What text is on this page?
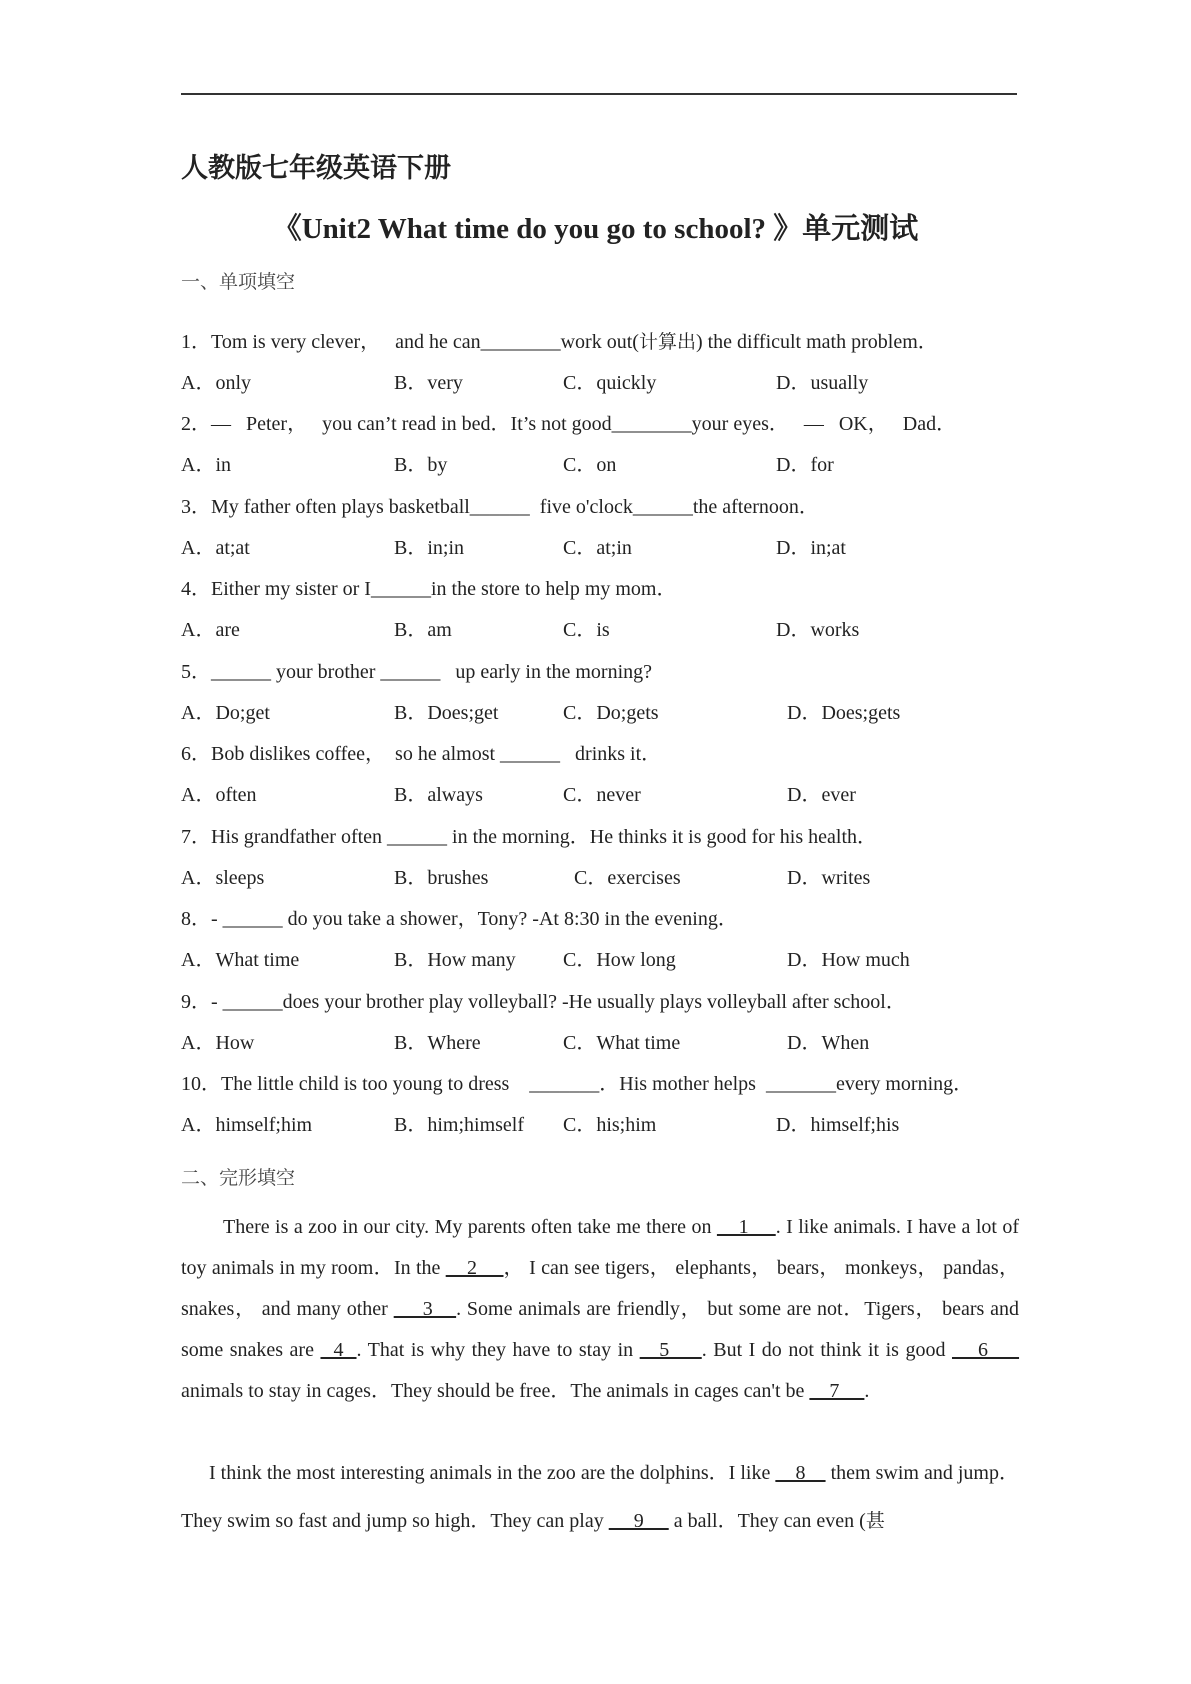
人教版七年级英语下册
《Unit2 What time do you go to school? 》单元测试
一、单项填空
1．Tom is very clever，   and he can________work out(计算出) the difficult math problem．
A．only	B．very	C．quickly	D．usually
2．—   Peter，   you can’t read in bed．It’s not good________your eyes．   —   OK，   Dad．
A．in	B．by	C．on	D．for
3．My father often plays basketball______  five o'clock______the afternoon．
A．at;at	B．in;in	C．at;in	D．in;at
4．Either my sister or I______in the store to help my mom．
A．are	B．am	C．is	D．works
5．______ your brother ______   up early in the morning?
A．Do;get	B．Does;get	C．Do;gets	D．Does;gets
6．Bob dislikes coffee，  so he almost ______   drinks it．
A．often	B．always	C．never	D．ever
7．His grandfather often ______ in the morning．He thinks it is good for his health．
A．sleeps	B．brushes	C．exercises	D．writes
8．- ______ do you take a shower，Tony? -At 8:30 in the evening．
A．What time	B．How many C．How long	D．How much
9．- ______does your brother play volleyball? -He usually plays volleyball after school．
A．How	B．Where	C．What time	D．When
10．The little child is too young to dress    _______．His mother helps  _______every morning．
A．himself;him	B．him;himself C．his;him	D．himself;his
二、完形填空
There is a zoo in our city. My parents often take me there on     1     . I like animals. I have a lot of toy animals in my room．In the     2     ， I can see tigers， elephants， bears， monkeys， pandas， snakes， and many other      3    . Some animals are friendly， but some are not．Tigers， bears and some snakes are   4  . That is why they have to stay in    5     . But I do not think it is good     6      animals to stay in cages．They should be free．The animals in cages can't be     7     .
I think the most interesting animals in the zoo are the dolphins．I like     8     them swim and jump．They swim so fast and jump so high．They can play      9      a ball．They can even (甚
